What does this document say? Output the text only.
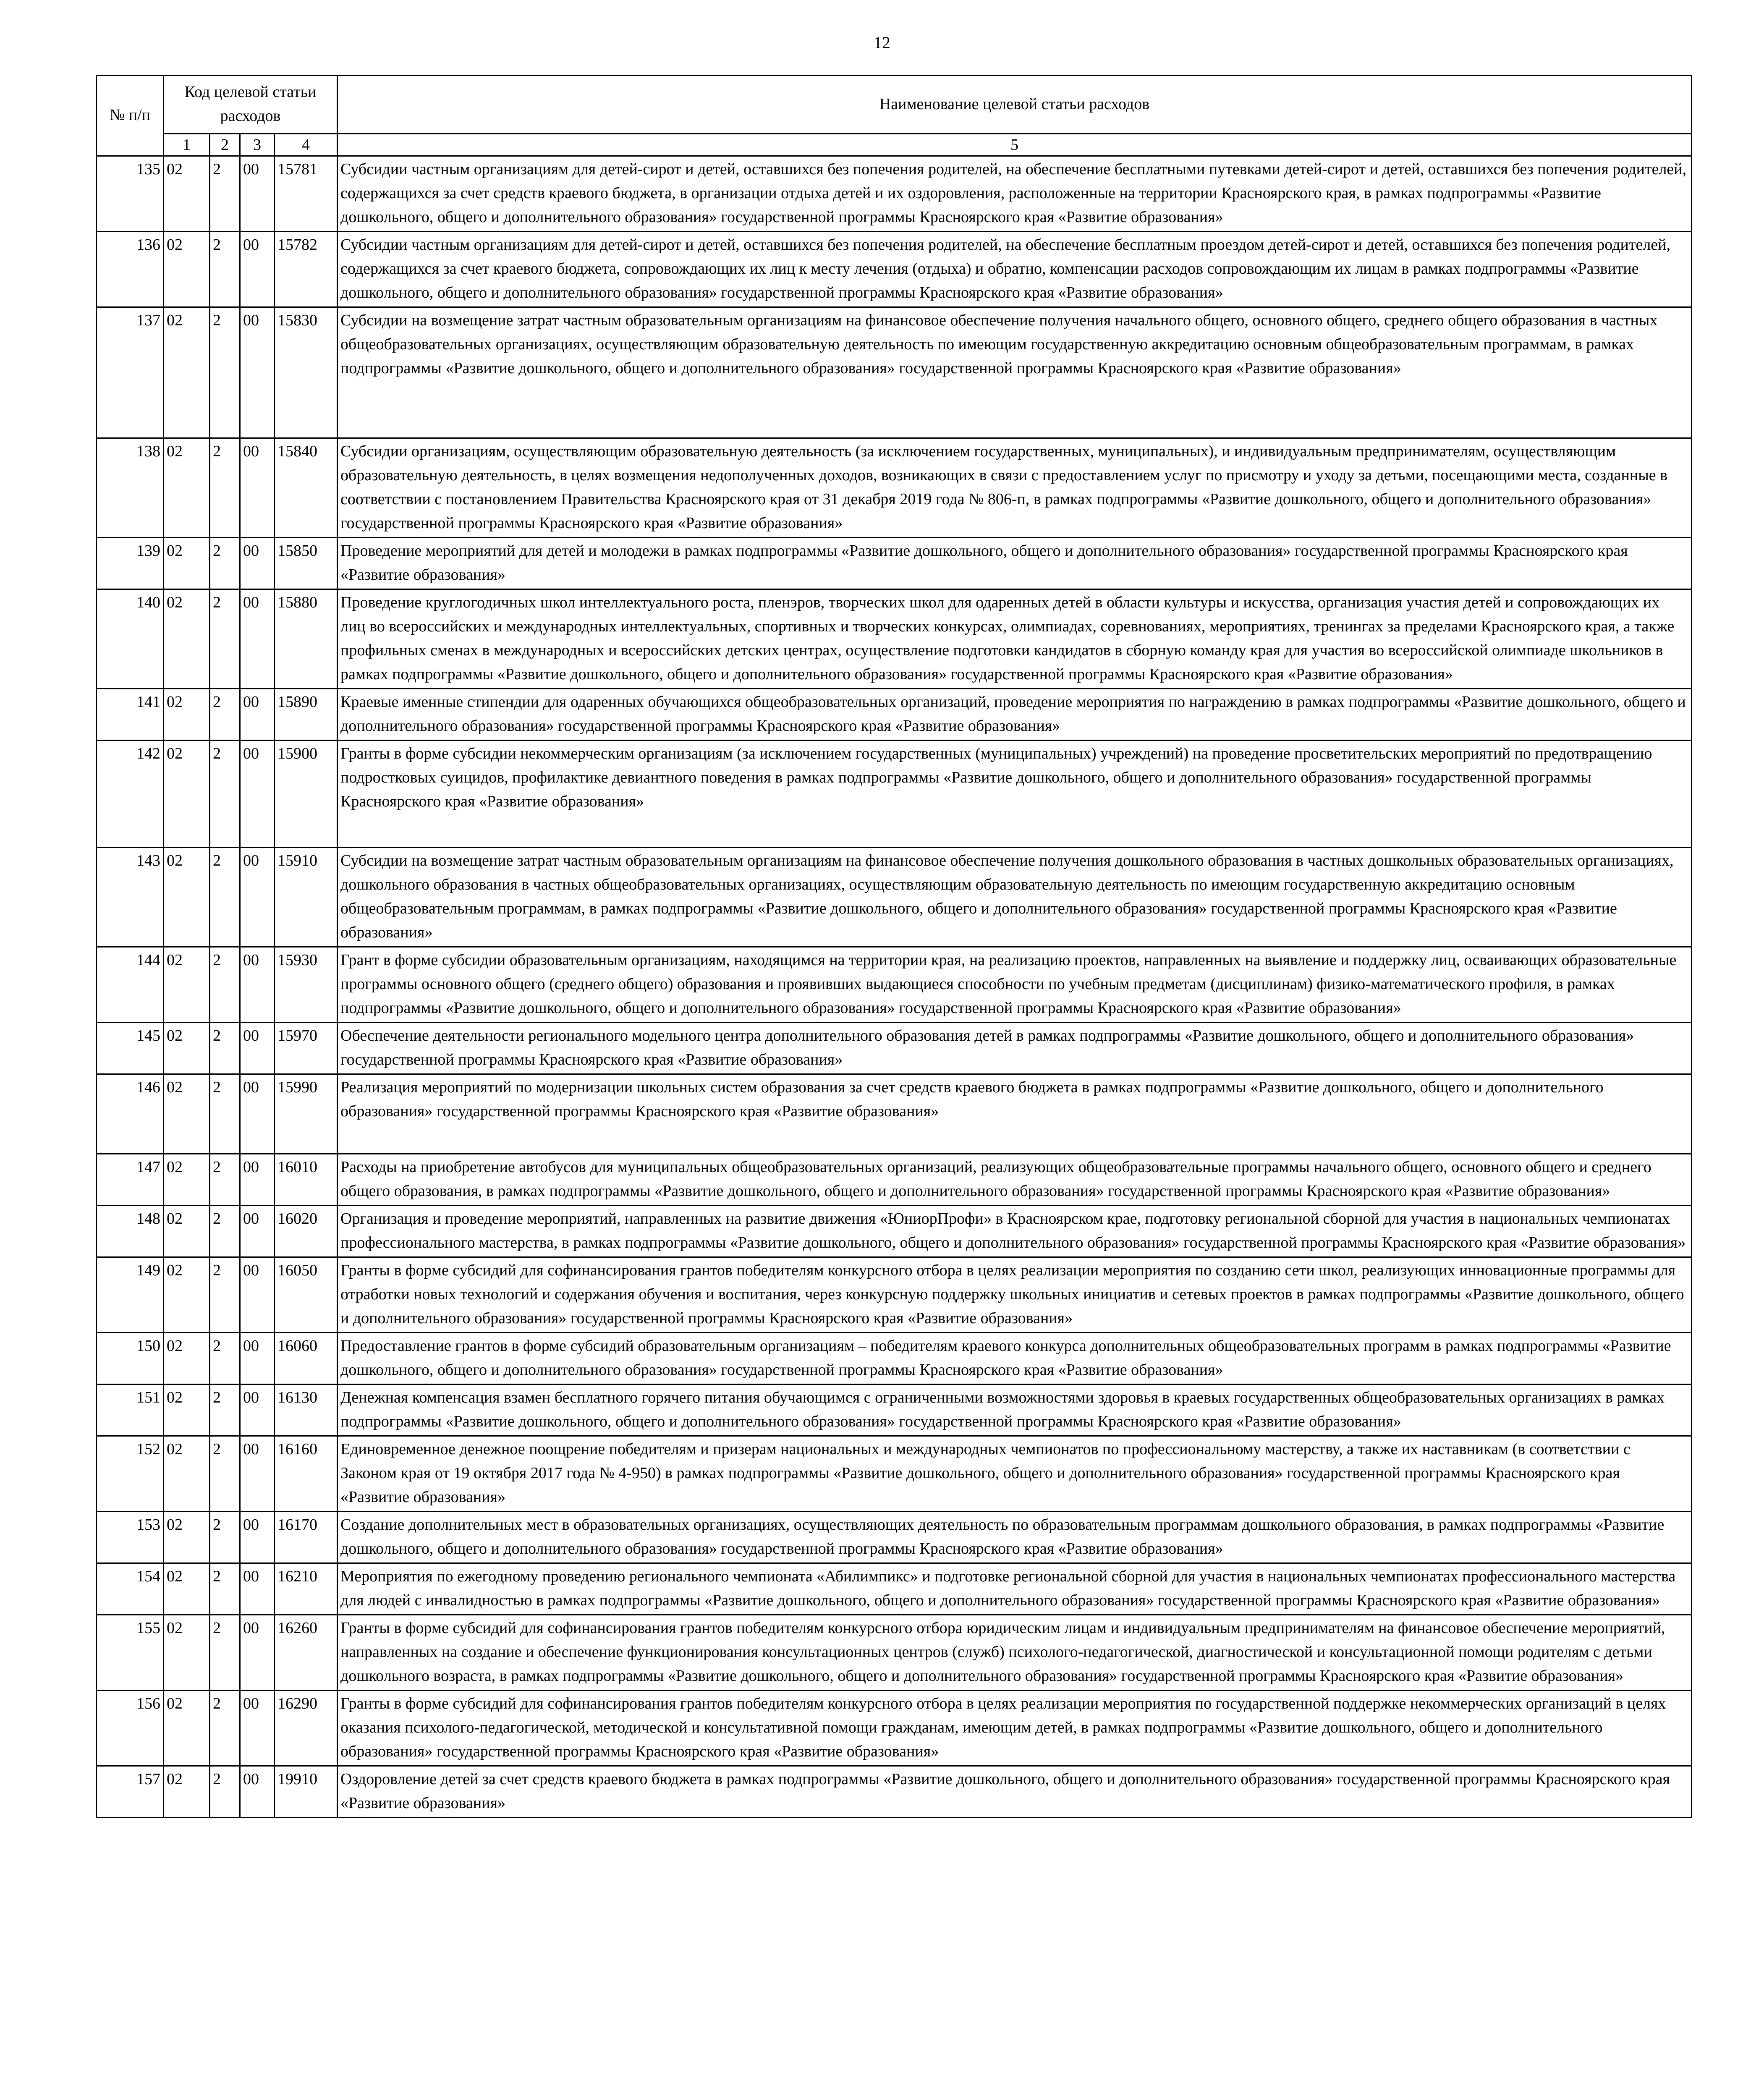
12
№ п/п	Код целевой статьи расходов				Наименование целевой статьи расходов
	1	2	3	4	5
135	02	2	00	15781	Субсидии частным организациям для детей-сирот и детей, оставшихся без попечения родителей, на обеспечение бесплатными путевками детей-сирот и детей, оставшихся без попечения родителей, содержащихся за счет средств краевого бюджета, в организации отдыха детей и их оздоровления, расположенные на территории Красноярского края, в рамках подпрограммы «Развитие дошкольного, общего и дополнительного образования» государственной программы Красноярского края «Развитие образования»
136	02	2	00	15782	Субсидии частным организациям для детей-сирот и детей, оставшихся без попечения родителей, на обеспечение бесплатным проездом детей-сирот и детей, оставшихся без попечения родителей, содержащихся за счет краевого бюджета, сопровождающих их лиц к месту лечения (отдыха) и обратно, компенсации расходов сопровождающим их лицам в рамках подпрограммы «Развитие дошкольного, общего и дополнительного образования» государственной программы Красноярского края «Развитие образования»
137	02	2	00	15830	Субсидии на возмещение затрат частным образовательным организациям на финансовое обеспечение получения начального общего, основного общего, среднего общего образования в частных общеобразовательных организациях, осуществляющим образовательную деятельность по имеющим государственную аккредитацию основным общеобразовательным программам, в рамках подпрограммы «Развитие дошкольного, общего и дополнительного образования» государственной программы Красноярского края «Развитие образования»
138	02	2	00	15840	Субсидии организациям, осуществляющим образовательную деятельность (за исключением государственных, муниципальных), и индивидуальным предпринимателям, осуществляющим образовательную деятельность, в целях возмещения недополученных доходов, возникающих в связи с предоставлением услуг по присмотру и уходу за детьми, посещающими места, созданные в соответствии с постановлением Правительства Красноярского края от 31 декабря 2019 года № 806-п, в рамках подпрограммы «Развитие дошкольного, общего и дополнительного образования» государственной программы Красноярского края «Развитие образования»
139	02	2	00	15850	Проведение мероприятий для детей и молодежи в рамках подпрограммы «Развитие дошкольного, общего и дополнительного образования» государственной программы Красноярского края «Развитие образования»
140	02	2	00	15880	Проведение круглогодичных школ интеллектуального роста, пленэров, творческих школ для одаренных детей в области культуры и искусства, организация участия детей и сопровождающих их лиц во всероссийских и международных интеллектуальных, спортивных и творческих конкурсах, олимпиадах, соревнованиях, мероприятиях, тренингах за пределами Красноярского края, а также профильных сменах в международных и всероссийских детских центрах, осуществление подготовки кандидатов в сборную команду края для участия во всероссийской олимпиаде школьников в рамках подпрограммы «Развитие дошкольного, общего и дополнительного образования» государственной программы Красноярского края «Развитие образования»
141	02	2	00	15890	Краевые именные стипендии для одаренных обучающихся общеобразовательных организаций, проведение мероприятия по награждению в рамках подпрограммы «Развитие дошкольного, общего и дополнительного образования» государственной программы Красноярского края «Развитие образования»
142	02	2	00	15900	Гранты в форме субсидии некоммерческим организациям (за исключением государственных (муниципальных) учреждений) на проведение просветительских мероприятий по предотвращению подростковых суицидов, профилактике девиантного поведения в рамках подпрограммы «Развитие дошкольного, общего и дополнительного образования» государственной программы Красноярского края «Развитие образования»
143	02	2	00	15910	Субсидии на возмещение затрат частным образовательным организациям на финансовое обеспечение получения дошкольного образования в частных дошкольных образовательных организациях, дошкольного образования в частных общеобразовательных организациях, осуществляющим образовательную деятельность по имеющим государственную аккредитацию основным общеобразовательным программам, в рамках подпрограммы «Развитие дошкольного, общего и дополнительного образования» государственной программы Красноярского края «Развитие образования»
144	02	2	00	15930	Грант в форме субсидии образовательным организациям, находящимся на территории края, на реализацию проектов, направленных на выявление и поддержку лиц, осваивающих образовательные программы основного общего (среднего общего) образования и проявивших выдающиеся способности по учебным предметам (дисциплинам) физико-математического профиля, в рамках подпрограммы «Развитие дошкольного, общего и дополнительного образования» государственной программы Красноярского края «Развитие образования»
145	02	2	00	15970	Обеспечение деятельности регионального модельного центра дополнительного образования детей в рамках подпрограммы «Развитие дошкольного, общего и дополнительного образования» государственной программы Красноярского края «Развитие образования»
146	02	2	00	15990	Реализация мероприятий по модернизации школьных систем образования за счет средств краевого бюджета в рамках подпрограммы «Развитие дошкольного, общего и дополнительного образования» государственной программы Красноярского края «Развитие образования»
147	02	2	00	16010	Расходы на приобретение автобусов для муниципальных общеобразовательных организаций, реализующих общеобразовательные программы начального общего, основного общего и среднего общего образования, в рамках подпрограммы «Развитие дошкольного, общего и дополнительного образования» государственной программы Красноярского края «Развитие образования»
148	02	2	00	16020	Организация и проведение мероприятий, направленных на развитие движения «ЮниорПрофи» в Красноярском крае, подготовку региональной сборной для участия в национальных чемпионатах профессионального мастерства, в рамках подпрограммы «Развитие дошкольного, общего и дополнительного образования» государственной программы Красноярского края «Развитие образования»
149	02	2	00	16050	Гранты в форме субсидий для софинансирования грантов победителям конкурсного отбора в целях реализации мероприятия по созданию сети школ, реализующих инновационные программы для отработки новых технологий и содержания обучения и воспитания, через конкурсную поддержку школьных инициатив и сетевых проектов в рамках подпрограммы «Развитие дошкольного, общего и дополнительного образования» государственной программы Красноярского края «Развитие образования»
150	02	2	00	16060	Предоставление грантов в форме субсидий образовательным организациям – победителям краевого конкурса дополнительных общеобразовательных программ в рамках подпрограммы «Развитие дошкольного, общего и дополнительного образования» государственной программы Красноярского края «Развитие образования»
151	02	2	00	16130	Денежная компенсация взамен бесплатного горячего питания обучающимся с ограниченными возможностями здоровья в краевых государственных общеобразовательных организациях в рамках подпрограммы «Развитие дошкольного, общего и дополнительного образования» государственной программы Красноярского края «Развитие образования»
152	02	2	00	16160	Единовременное денежное поощрение победителям и призерам национальных и международных чемпионатов по профессиональному мастерству, а также их наставникам (в соответствии с Законом края от 19 октября 2017 года № 4-950) в рамках подпрограммы «Развитие дошкольного, общего и дополнительного образования» государственной программы Красноярского края «Развитие образования»
153	02	2	00	16170	Создание дополнительных мест в образовательных организациях, осуществляющих деятельность по образовательным программам дошкольного образования, в рамках подпрограммы «Развитие дошкольного, общего и дополнительного образования» государственной программы Красноярского края «Развитие образования»
154	02	2	00	16210	Мероприятия по ежегодному проведению регионального чемпионата «Абилимпикс» и подготовке региональной сборной для участия в национальных чемпионатах профессионального мастерства для людей с инвалидностью в рамках подпрограммы «Развитие дошкольного, общего и дополнительного образования» государственной программы Красноярского края «Развитие образования»
155	02	2	00	16260	Гранты в форме субсидий для софинансирования грантов победителям конкурсного отбора юридическим лицам и индивидуальным предпринимателям на финансовое обеспечение мероприятий, направленных на создание и обеспечение функционирования консультационных центров (служб) психолого-педагогической, диагностической и консультационной помощи родителям с детьми дошкольного возраста, в рамках подпрограммы «Развитие дошкольного, общего и дополнительного образования» государственной программы Красноярского края «Развитие образования»
156	02	2	00	16290	Гранты в форме субсидий для софинансирования грантов победителям конкурсного отбора в целях реализации мероприятия по государственной поддержке некоммерческих организаций в целях оказания психолого-педагогической, методической и консультативной помощи гражданам, имеющим детей, в рамках подпрограммы «Развитие дошкольного, общего и дополнительного образования» государственной программы Красноярского края «Развитие образования»
157	02	2	00	19910	Оздоровление детей за счет средств краевого бюджета в рамках подпрограммы «Развитие дошкольного, общего и дополнительного образования» государственной программы Красноярского края «Развитие образования»
